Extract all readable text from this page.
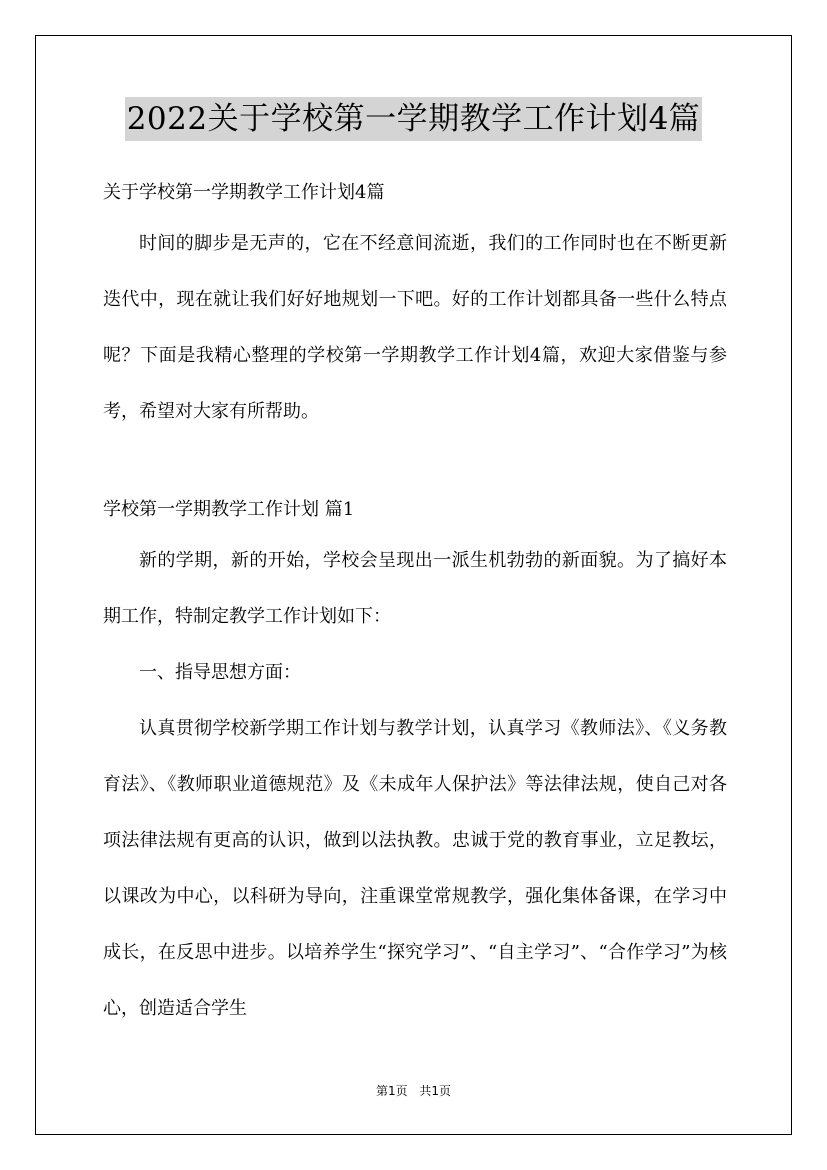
2022关于学校第一学期教学工作计划4篇

关于学校第一学期教学工作计划4篇

时间的脚步是无声的，它在不经意间流逝，我们的工作同时也在不断更新迭代中，现在就让我们好好地规划一下吧。好的工作计划都具备一些什么特点呢？下面是我精心整理的学校第一学期教学工作计划4篇，欢迎大家借鉴与参考，希望对大家有所帮助。

学校第一学期教学工作计划 篇1

新的学期，新的开始，学校会呈现出一派生机勃勃的新面貌。为了搞好本期工作，特制定教学工作计划如下：

一、指导思想方面：

认真贯彻学校新学期工作计划与教学计划，认真学习《教师法》、《义务教育法》、《教师职业道德规范》及《未成年人保护法》等法律法规，使自己对各项法律法规有更高的认识，做到以法执教。忠诚于党的教育事业，立足教坛，以课改为中心，以科研为导向，注重课堂常规教学，强化集体备课，在学习中成长，在反思中进步。以培养学生“探究学习”、“自主学习”、“合作学习”为核心，创造适合学生

第1页 共1页
